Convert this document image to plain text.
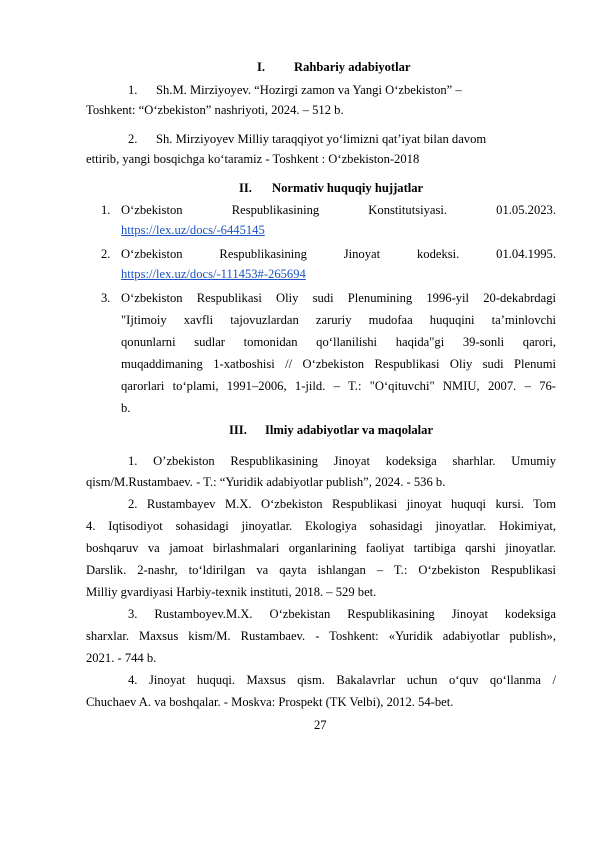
I. Rahbariy adabiyotlar
1. Sh.M. Mirziyoyev. “Hozirgi zamon va Yangi O‘zbekiston” –
Toshkent: “O‘zbekiston” nashriyoti, 2024. – 512 b.
2. Sh. Mirziyoyev Milliy taraqqiyot yo‘limizni qat’iyat bilan davom
ettirib, yangi bosqichga ko‘taramiz - Toshkent : O‘zbekiston-2018
II. Normativ huquqiy hujjatlar
1. O‘zbekiston Respublikasining Konstitutsiyasi. 01.05.2023.
https://lex.uz/docs/-6445145
2. O‘zbekiston Respublikasining Jinoyat kodeksi. 01.04.1995.
https://lex.uz/docs/-111453#-265694
3. O‘zbekiston Respublikasi Oliy sudi Plenumining 1996-yil 20-dekabrdagi
"Ijtimoiy xavfli tajovuzlardan zaruriy mudofaa huquqini ta’minlovchi
qonunlarni sudlar tomonidan qo‘llanilishi haqida"gi 39-sonli qarori,
muqaddimaning 1-xatboshisi // O‘zbekiston Respublikasi Oliy sudi Plenumi
qarorlari to‘plami, 1991–2006, 1-jild. – T.: "O‘qituvchi" NMIU, 2007. – 76-
b.
III. Ilmiy adabiyotlar va maqolalar
1. O’zbekiston Respublikasining Jinoyat kodeksiga sharhlar. Umumiy
qism/M.Rustambaev. - T.: “Yuridik adabiyotlar publish”, 2024. - 536 b.
2. Rustambayev M.X. O‘zbekiston Respublikasi jinoyat huquqi kursi. Tom
4. Iqtisodiyot sohasidagi jinoyatlar. Ekologiya sohasidagi jinoyatlar. Hokimiyat,
boshqaruv va jamoat birlashmalari organlarining faoliyat tartibiga qarshi jinoyatlar.
Darslik. 2-nashr, to‘ldirilgan va qayta ishlangan – T.: O‘zbekiston Respublikasi
Milliy gvardiyasi Harbiy-texnik instituti, 2018. – 529 bet.
3. Rustamboyev.M.X. O‘zbekistan Respublikasining Jinoyat kodeksiga
sharxlar. Maxsus kism/M. Rustambaev. - Toshkent: «Yuridik adabiyotlar publish»,
2021. - 744 b.
4. Jinoyat huquqi. Maxsus qism. Bakalavrlar uchun o‘quv qo‘llanma /
Chuchaev A. va boshqalar. - Moskva: Prospekt (TK Velbi), 2012. 54-bet.
27
